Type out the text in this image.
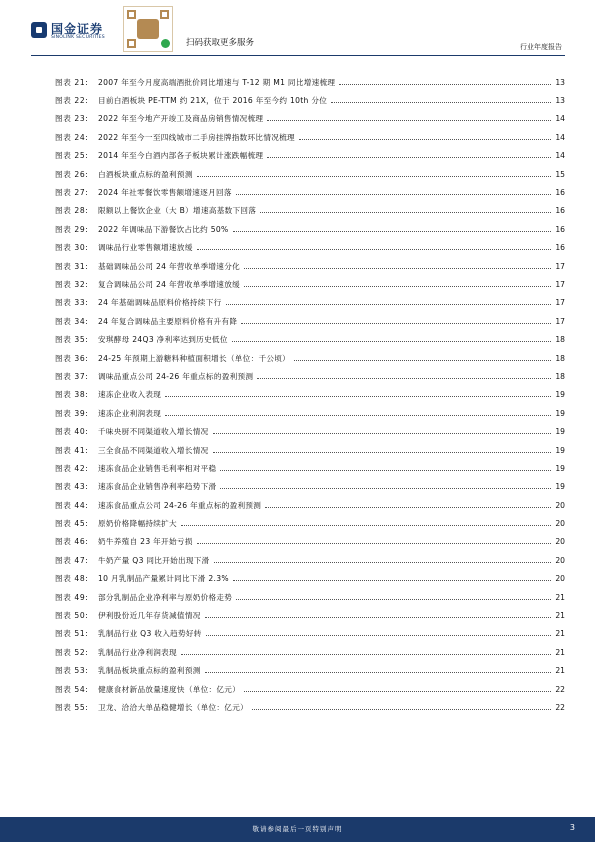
国金证券
SINOLINK SECURITIES
扫码获取更多服务	行业年度报告
图表 21:	2007 年至今月度高端酒批价同比增速与 T-12 期 M1 同比增速梳理	13
图表 22:	目前白酒板块 PE-TTM 约 21X，位于 2016 年至今约 10th 分位	13
图表 23:	2022 年至今地产开竣工及商品房销售情况梳理	14
图表 24:	2022 年至今一至四线城市二手房挂牌指数环比情况梳理	14
图表 25:	2014 年至今白酒内部各子板块累计涨跌幅梳理	14
图表 26:	白酒板块重点标的盈利预测	15
图表 27:	2024 年社零餐饮零售额增速逐月回落	16
图表 28:	限额以上餐饮企业（大 B）增速高基数下回落	16
图表 29:	2022 年调味品下游餐饮占比约 50%	16
图表 30:	调味品行业零售额增速放缓	16
图表 31:	基础调味品公司 24 年营收单季增速分化	17
图表 32:	复合调味品公司 24 年营收单季增速放缓	17
图表 33:	24 年基础调味品原料价格持续下行	17
图表 34:	24 年复合调味品主要原料价格有升有降	17
图表 35:	安琪酵母 24Q3 净利率达到历史低位	18
图表 36:	24-25 年预期上游糖料种植面积增长（单位：千公顷）	18
图表 37:	调味品重点公司 24-26 年重点标的盈利预测	18
图表 38:	速冻企业收入表现	19
图表 39:	速冻企业利润表现	19
图表 40:	千味央厨不同渠道收入增长情况	19
图表 41:	三全食品不同渠道收入增长情况	19
图表 42:	速冻食品企业销售毛利率相对平稳	19
图表 43:	速冻食品企业销售净利率趋势下滑	19
图表 44:	速冻食品重点公司 24-26 年重点标的盈利预测	20
图表 45:	原奶价格降幅持续扩大	20
图表 46:	奶牛养殖自 23 年开始亏损	20
图表 47:	牛奶产量 Q3 同比开始出现下滑	20
图表 48:	10 月乳制品产量累计同比下滑 2.3%	20
图表 49:	部分乳制品企业净利率与原奶价格走势	21
图表 50:	伊利股份近几年存货减值情况	21
图表 51:	乳制品行业 Q3 收入趋势好转	21
图表 52:	乳制品行业净利润表现	21
图表 53:	乳制品板块重点标的盈利预测	21
图表 54:	健康食材新品放量速度快（单位：亿元）	22
图表 55:	卫龙、洽洽大单品稳健增长（单位：亿元）	22
敬请参阅最后一页特别声明	3
